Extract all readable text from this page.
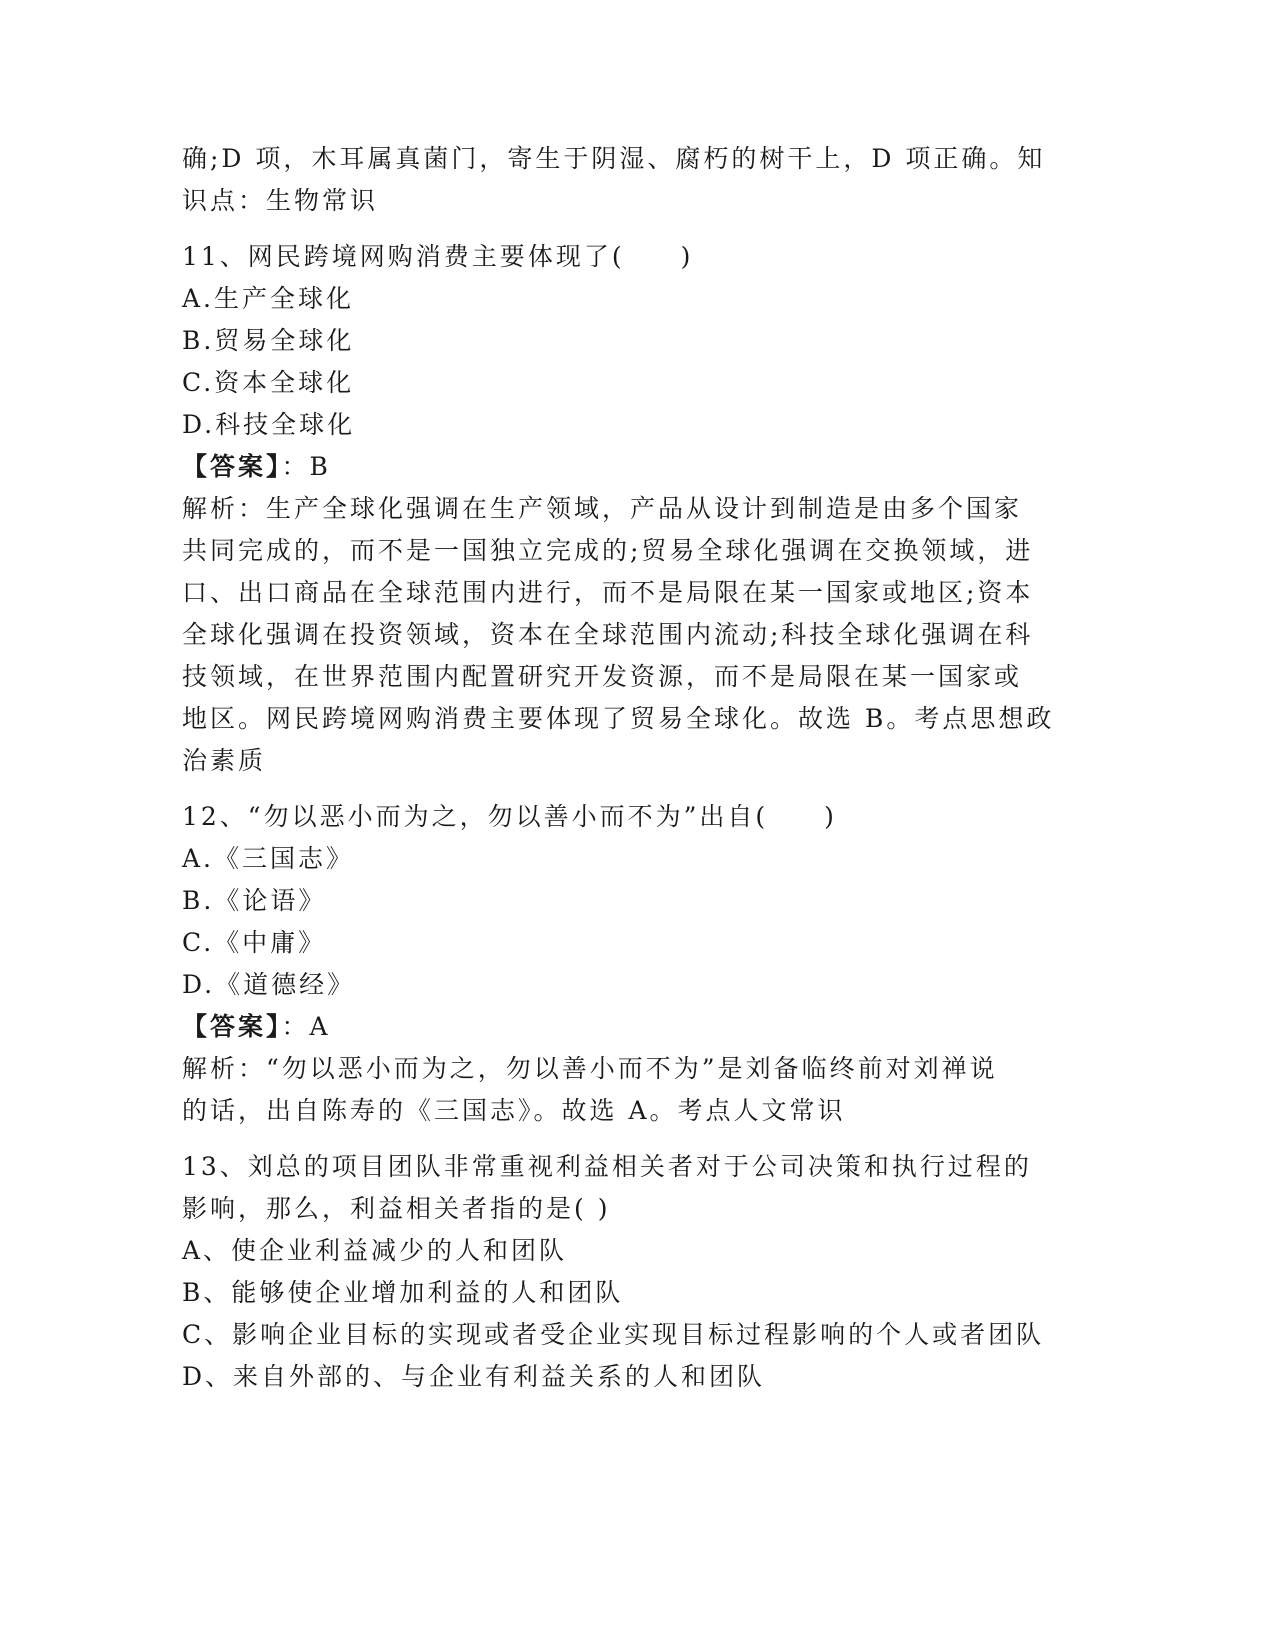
确;D 项，木耳属真菌门，寄生于阴湿、腐朽的树干上，D 项正确。知
识点：生物常识
11、网民跨境网购消费主要体现了(　　)
A.生产全球化
B.贸易全球化
C.资本全球化
D.科技全球化
【答案】：B
解析：生产全球化强调在生产领域，产品从设计到制造是由多个国家
共同完成的，而不是一国独立完成的;贸易全球化强调在交换领域，进
口、出口商品在全球范围内进行，而不是局限在某一国家或地区;资本
全球化强调在投资领域，资本在全球范围内流动;科技全球化强调在科
技领域，在世界范围内配置研究开发资源，而不是局限在某一国家或
地区。网民跨境网购消费主要体现了贸易全球化。故选 B。考点思想政
治素质
12、“勿以恶小而为之，勿以善小而不为”出自(　　)
A.《三国志》
B.《论语》
C.《中庸》
D.《道德经》
【答案】：A
解析：“勿以恶小而为之，勿以善小而不为”是刘备临终前对刘禅说
的话，出自陈寿的《三国志》。故选 A。考点人文常识
13、刘总的项目团队非常重视利益相关者对于公司决策和执行过程的
影响，那么，利益相关者指的是( )
A、使企业利益减少的人和团队
B、能够使企业增加利益的人和团队
C、影响企业目标的实现或者受企业实现目标过程影响的个人或者团队
D、来自外部的、与企业有利益关系的人和团队
